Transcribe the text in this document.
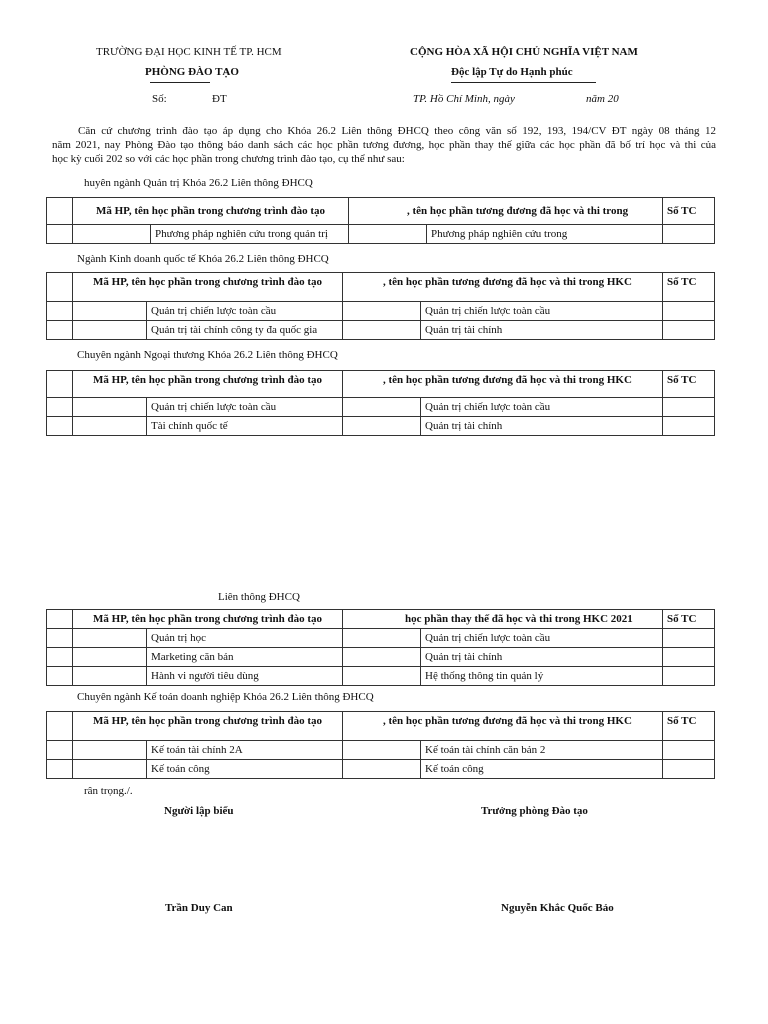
TRƯỜNG ĐẠI HỌC KINH TẾ TP. HCM
PHÒNG ĐÀO TẠO
Số:	ĐT
CỘNG HÒA XÃ HỘI CHỦ NGHĨA VIỆT NAM
Độc lập Tự do Hạnh phúc
TP. Hồ Chí Minh, ngày	năm 20
Căn cứ chương trình đào tạo áp dụng cho Khóa 26.2 Liên thông ĐHCQ theo công văn số 192, 193, 194/CV ĐT ngày 08 tháng 12
năm 2021, nay Phòng Đào tạo thông báo danh sách các học phần tương đương, học phần thay thế giữa các học phần đã bố trí học và thi của
học kỳ cuối 202 so với các học phần trong chương trình đào tạo, cụ thể như sau:
huyên ngành Quản trị Khóa 26.2 Liên thông ĐHCQ
	Mã HP, tên học phần trong chương trình đào tạo		, tên học phần tương đương đã học và thi trong		Số TC
		Phương pháp nghiên cứu trong quản trị		Phương pháp nghiên cứu trong	
Ngành Kinh doanh quốc tế Khóa 26.2 Liên thông ĐHCQ
	Mã HP, tên học phần trong chương trình đào tạo		, tên học phần tương đương đã học và thi trong HKC		Số TC
		Quản trị chiến lược toàn cầu		Quản trị chiến lược toàn cầu	
		Quản trị tài chính công ty đa quốc gia		Quản trị tài chính	
Chuyên ngành Ngoại thương Khóa 26.2 Liên thông ĐHCQ
	Mã HP, tên học phần trong chương trình đào tạo		, tên học phần tương đương đã học và thi trong HKC		Số TC
		Quản trị chiến lược toàn cầu		Quản trị chiến lược toàn cầu	
		Tài chính quốc tế		Quản trị tài chính	
Liên thông ĐHCQ
	Mã HP, tên học phần trong chương trình đào tạo		học phần thay thế đã học và thi trong HKC 2021		Số TC
		Quản trị học		Quản trị chiến lược toàn cầu	
		Marketing căn bản		Quản trị tài chính	
		Hành vi người tiêu dùng		Hệ thống thông tin quản lý	
Chuyên ngành Kế toán doanh nghiệp Khóa 26.2 Liên thông ĐHCQ
	Mã HP, tên học phần trong chương trình đào tạo		, tên học phần tương đương đã học và thi trong HKC		Số TC
		Kế toán tài chính 2A		Kế toán tài chính căn bản 2	
		Kế toán công		Kế toán công	
rân trọng./.
Người lập biểu	Trưởng phòng Đào tạo
Trần Duy Can	Nguyễn Khắc Quốc Bảo
